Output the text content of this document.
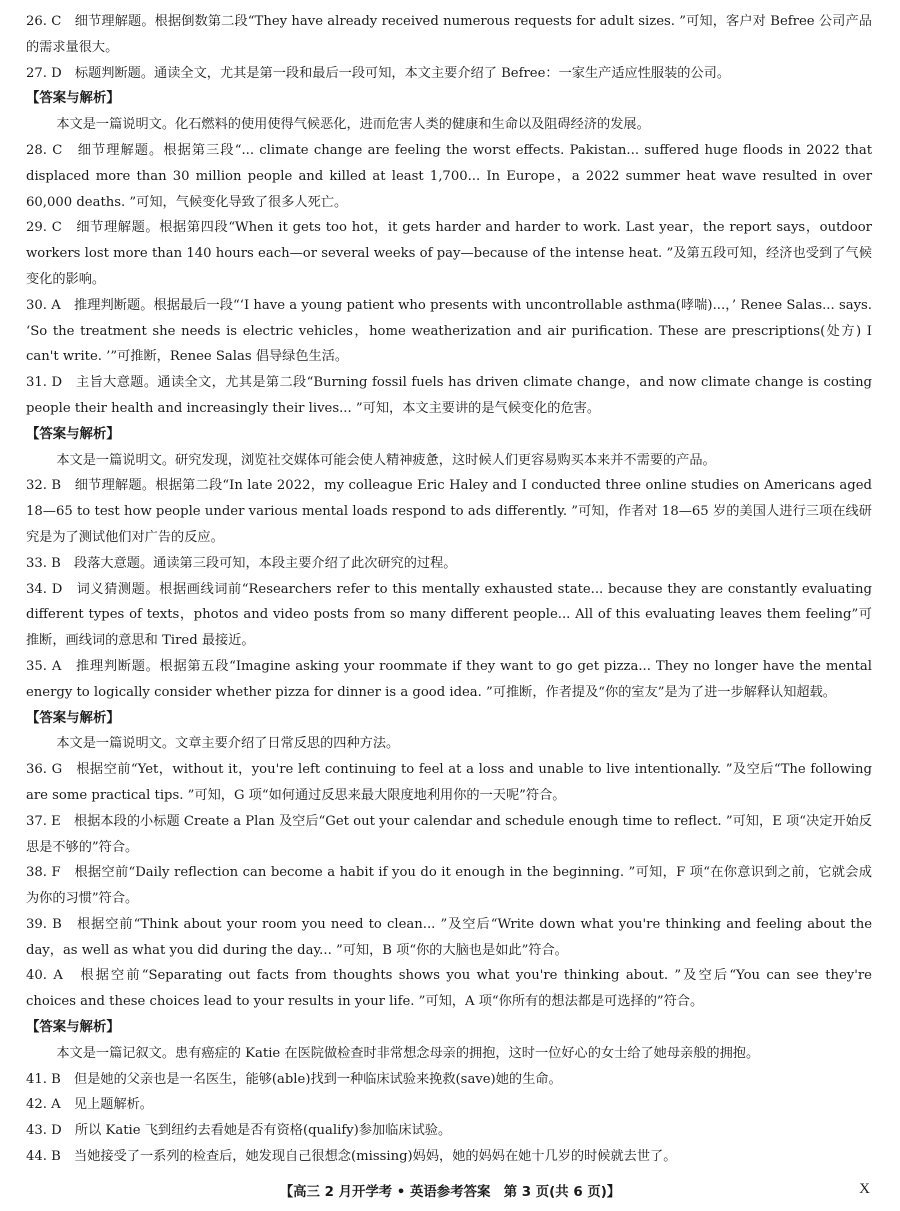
26. C　细节理解题。根据倒数第二段“They have already received numerous requests for adult sizes. ”可知，客户对 Befree 公司产品的需求量很大。

27. D　标题判断题。通读全文，尤其是第一段和最后一段可知，本文主要介绍了 Befree：一家生产适应性服装的公司。

【答案与解析】

本文是一篇说明文。化石燃料的使用使得气候恶化，进而危害人类的健康和生命以及阻碍经济的发展。

28. C　细节理解题。根据第三段“... climate change are feeling the worst effects. Pakistan... suffered huge floods in 2022 that displaced more than 30 million people and killed at least 1,700... In Europe，a 2022 summer heat wave resulted in over 60,000 deaths. ”可知，气候变化导致了很多人死亡。

29. C　细节理解题。根据第四段“When it gets too hot，it gets harder and harder to work. Last year，the report says，outdoor workers lost more than 140 hours each—or several weeks of pay—because of the intense heat. ”及第五段可知，经济也受到了气候变化的影响。

30. A　推理判断题。根据最后一段“‘I have a young patient who presents with uncontrollable asthma(哮喘)...，’ Renee Salas... says. ‘So the treatment she needs is electric vehicles，home weatherization and air purification. These are prescriptions(处方) I can't write. ’”可推断，Renee Salas 倡导绿色生活。

31. D　主旨大意题。通读全文，尤其是第二段“Burning fossil fuels has driven climate change，and now climate change is costing people their health and increasingly their lives... ”可知，本文主要讲的是气候变化的危害。

【答案与解析】

本文是一篇说明文。研究发现，浏览社交媒体可能会使人精神疲惫，这时候人们更容易购买本来并不需要的产品。

32. B　细节理解题。根据第二段“In late 2022，my colleague Eric Haley and I conducted three online studies on Americans aged 18—65 to test how people under various mental loads respond to ads differently. ”可知，作者对 18—65 岁的美国人进行三项在线研究是为了测试他们对广告的反应。

33. B　段落大意题。通读第三段可知，本段主要介绍了此次研究的过程。

34. D　词义猜测题。根据画线词前“Researchers refer to this mentally exhausted state... because they are constantly evaluating different types of texts，photos and video posts from so many different people... All of this evaluating leaves them feeling”可推断，画线词的意思和 Tired 最接近。

35. A　推理判断题。根据第五段“Imagine asking your roommate if they want to go get pizza... They no longer have the mental energy to logically consider whether pizza for dinner is a good idea. ”可推断，作者提及“你的室友”是为了进一步解释认知超载。

【答案与解析】

本文是一篇说明文。文章主要介绍了日常反思的四种方法。

36. G　根据空前“Yet，without it，you're left continuing to feel at a loss and unable to live intentionally. ”及空后“The following are some practical tips. ”可知，G 项“如何通过反思来最大限度地利用你的一天呢”符合。

37. E　根据本段的小标题 Create a Plan 及空后“Get out your calendar and schedule enough time to reflect. ”可知，E 项“决定开始反思是不够的”符合。

38. F　根据空前“Daily reflection can become a habit if you do it enough in the beginning. ”可知，F 项“在你意识到之前，它就会成为你的习惯”符合。

39. B　根据空前“Think about your room you need to clean... ”及空后“Write down what you're thinking and feeling about the day，as well as what you did during the day... ”可知，B 项“你的大脑也是如此”符合。

40. A　根据空前“Separating out facts from thoughts shows you what you're thinking about. ”及空后“You can see they're choices and these choices lead to your results in your life. ”可知，A 项“你所有的想法都是可选择的”符合。

【答案与解析】

本文是一篇记叙文。患有癌症的 Katie 在医院做检查时非常想念母亲的拥抱，这时一位好心的女士给了她母亲般的拥抱。

41. B　但是她的父亲也是一名医生，能够(able)找到一种临床试验来挽救(save)她的生命。

42. A　见上题解析。

43. D　所以 Katie 飞到纽约去看她是否有资格(qualify)参加临床试验。

44. B　当她接受了一系列的检查后，她发现自己很想念(missing)妈妈，她的妈妈在她十几岁的时候就去世了。

【高三 2 月开学考 • 英语参考答案　第 3 页(共 6 页)】	X
